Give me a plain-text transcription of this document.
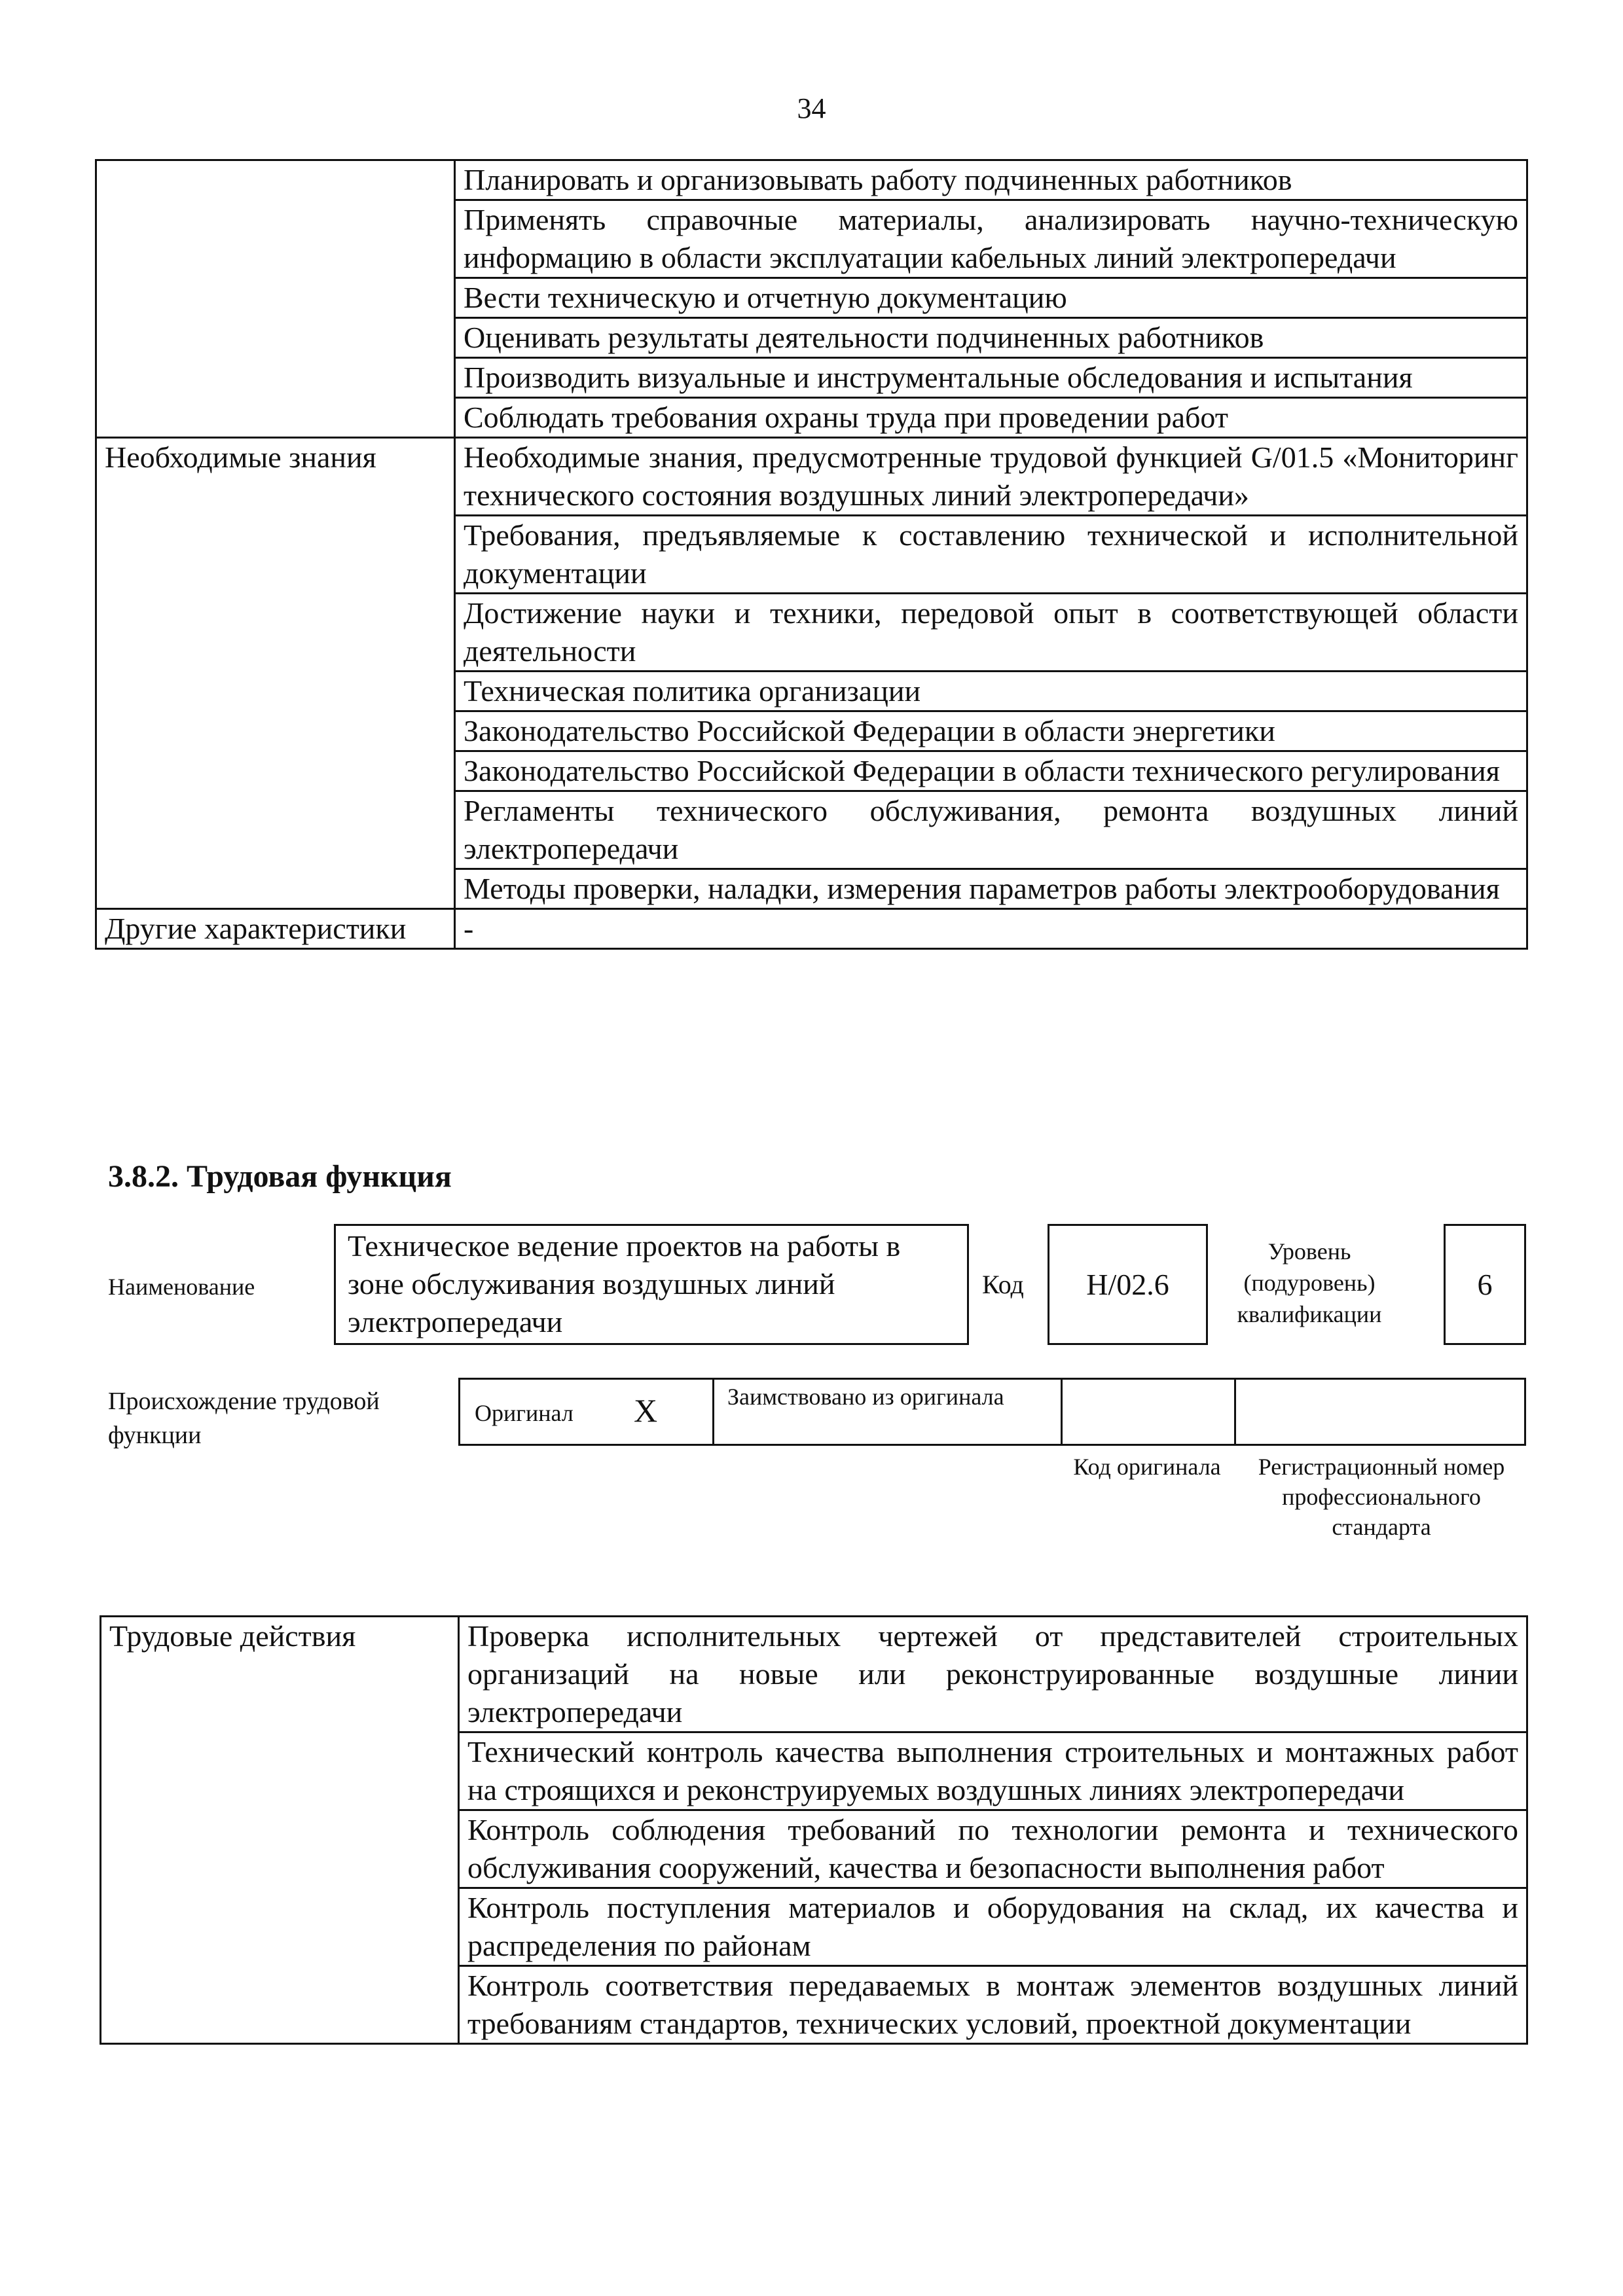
34
	Планировать и организовывать работу подчиненных работников
	Применять справочные материалы, анализировать научно-техническую информацию в области эксплуатации кабельных линий электропередачи
	Вести техническую и отчетную документацию
	Оценивать результаты деятельности подчиненных работников
	Производить визуальные и инструментальные обследования и испытания
	Соблюдать требования охраны труда при проведении работ
Необходимые знания	Необходимые знания, предусмотренные трудовой функцией G/01.5 «Мониторинг технического состояния воздушных линий электропередачи»
	Требования, предъявляемые к составлению технической и исполнительной документации
	Достижение науки и техники, передовой опыт в соответствующей области деятельности
	Техническая политика организации
	Законодательство Российской Федерации в области энергетики
	Законодательство Российской Федерации в области технического регулирования
	Регламенты технического обслуживания, ремонта воздушных линий электропередачи
	Методы проверки, наладки, измерения параметров работы электрооборудования
Другие характеристики	-
3.8.2. Трудовая функция
Наименование
Техническое ведение проектов на работы в зоне обслуживания воздушных линий электропередачи
Код	H/02.6
Уровень (подуровень) квалификации
6
Происхождение трудовой функции
Оригинал X	Заимствовано из оригинала
Код оригинала	Регистрационный номер профессионального стандарта
Трудовые действия	Проверка исполнительных чертежей от представителей строительных организаций на новые или реконструированные воздушные линии электропередачи
Технический контроль качества выполнения строительных и монтажных работ на строящихся и реконструируемых воздушных линиях электропередачи
Контроль соблюдения требований по технологии ремонта и технического обслуживания сооружений, качества и безопасности выполнения работ
Контроль поступления материалов и оборудования на склад, их качества и распределения по районам
Контроль соответствия передаваемых в монтаж элементов воздушных линий требованиям стандартов, технических условий, проектной документации
